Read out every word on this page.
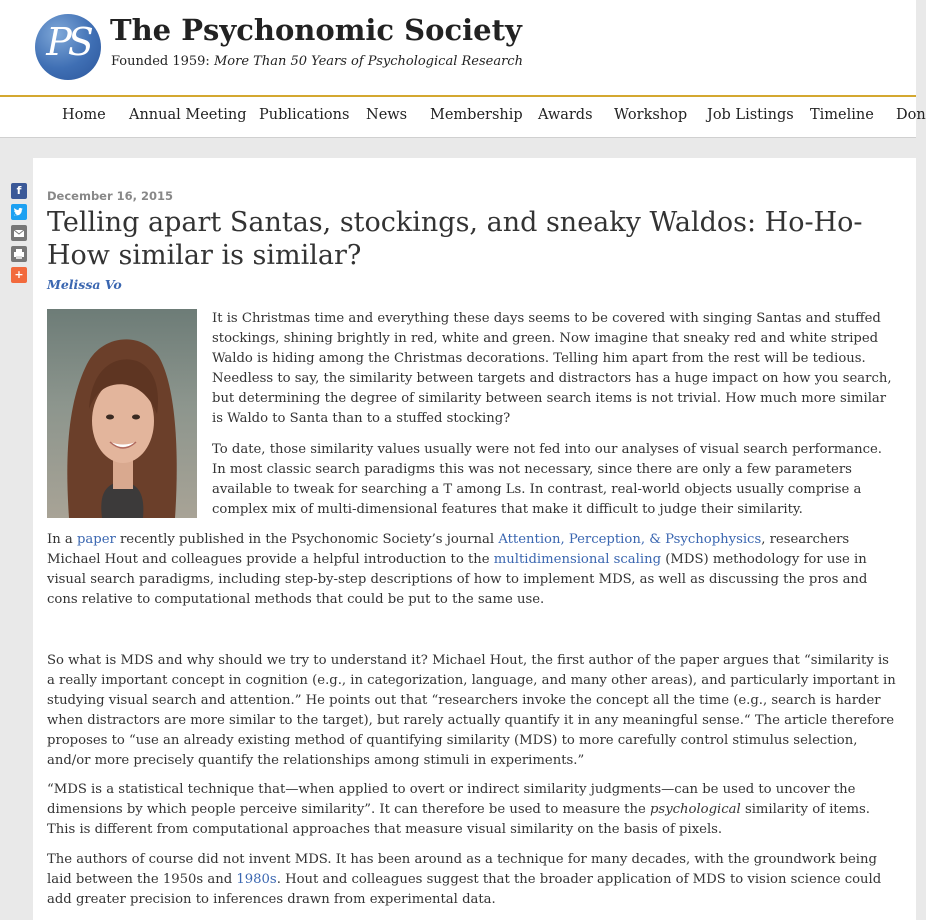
PS The Psychonomic Society
Founded 1959: More Than 50 Years of Psychological Research
Home Annual Meeting Publications News Membership Awards Workshop Job Listings Timeline Don
f
+
December 16, 2015
Telling apart Santas, stockings, and sneaky Waldos: Ho-Ho-How similar is similar?
Melissa Vo

It is Christmas time and everything these days seems to be covered with singing Santas and stuffed stockings, shining brightly in red, white and green. Now imagine that sneaky red and white striped Waldo is hiding among the Christmas decorations. Telling him apart from the rest will be tedious. Needless to say, the similarity between targets and distractors has a huge impact on how you search, but determining the degree of similarity between search items is not trivial. How much more similar is Waldo to Santa than to a stuffed stocking?

To date, those similarity values usually were not fed into our analyses of visual search performance. In most classic search paradigms this was not necessary, since there are only a few parameters available to tweak for searching a T among Ls. In contrast, real-world objects usually comprise a complex mix of multi-dimensional features that make it difficult to judge their similarity.

In a paper recently published in the Psychonomic Society’s journal Attention, Perception, & Psychophysics, researchers Michael Hout and colleagues provide a helpful introduction to the multidimensional scaling (MDS) methodology for use in visual search paradigms, including step-by-step descriptions of how to implement MDS, as well as discussing the pros and cons relative to computational methods that could be put to the same use.

So what is MDS and why should we try to understand it? Michael Hout, the first author of the paper argues that “similarity is a really important concept in cognition (e.g., in categorization, language, and many other areas), and particularly important in studying visual search and attention.” He points out that “researchers invoke the concept all the time (e.g., search is harder when distractors are more similar to the target), but rarely actually quantify it in any meaningful sense.“ The article therefore proposes to “use an already existing method of quantifying similarity (MDS) to more carefully control stimulus selection, and/or more precisely quantify the relationships among stimuli in experiments.”

“MDS is a statistical technique that—when applied to overt or indirect similarity judgments—can be used to uncover the dimensions by which people perceive similarity”. It can therefore be used to measure the psychological similarity of items. This is different from computational approaches that measure visual similarity on the basis of pixels.

The authors of course did not invent MDS. It has been around as a technique for many decades, with the groundwork being laid between the 1950s and 1980s. Hout and colleagues suggest that the broader application of MDS to vision science could add greater precision to inferences drawn from experimental data.
